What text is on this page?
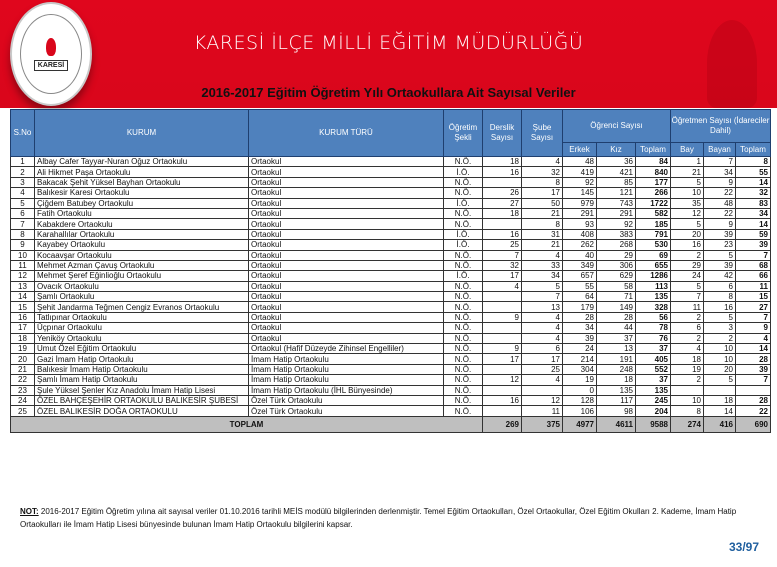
KARESİ
KARESİ İLÇE MİLLİ EĞİTİM MÜDÜRLÜĞÜ
2016-2017 Eğitim Öğretim Yılı Ortaokullara Ait Sayısal Veriler
S.No	KURUM	KURUM TÜRÜ	Öğretim Şekli	Derslik Sayısı	Şube Sayısı	Öğrenci Sayısı			Öğretmen Sayısı (İdareciler Dahil)		
						Erkek	Kız	Toplam	Bay	Bayan	Toplam
1	Albay Cafer Tayyar-Nuran Oğuz Ortaokulu	Ortaokul	N.Ö.	18	4	48	36	84	1	7	8
2	Ali Hikmet Paşa Ortaokulu	Ortaokul	İ.Ö.	16	32	419	421	840	21	34	55
3	Bakacak Şehit Yüksel Bayhan Ortaokulu	Ortaokul	N.Ö.		8	92	85	177	5	9	14
4	Balıkesir Karesi Ortaokulu	Ortaokul	N.Ö.	26	17	145	121	266	10	22	32
5	Çiğdem Batubey Ortaokulu	Ortaokul	İ.Ö.	27	50	979	743	1722	35	48	83
6	Fatih Ortaokulu	Ortaokul	N.Ö.	18	21	291	291	582	12	22	34
7	Kabakdere Ortaokulu	Ortaokul	N.Ö.		8	93	92	185	5	9	14
8	Karahallılar Ortaokulu	Ortaokul	İ.Ö.	16	31	408	383	791	20	39	59
9	Kayabey Ortaokulu	Ortaokul	İ.Ö.	25	21	262	268	530	16	23	39
10	Kocaavşar Ortaokulu	Ortaokul	N.Ö.	7	4	40	29	69	2	5	7
11	Mehmet Azman Çavuş Ortaokulu	Ortaokul	N.Ö.	32	33	349	306	655	29	39	68
12	Mehmet Şeref Eğinlioğlu Ortaokulu	Ortaokul	İ.Ö.	17	34	657	629	1286	24	42	66
13	Ovacık Ortaokulu	Ortaokul	N.Ö.	4	5	55	58	113	5	6	11
14	Şamlı Ortaokulu	Ortaokul	N.Ö.		7	64	71	135	7	8	15
15	Şehit Jandarma Teğmen Cengiz Evranos Ortaokulu	Ortaokul	N.Ö.		13	179	149	328	11	16	27
16	Tatlıpınar Ortaokulu	Ortaokul	N.Ö.	9	4	28	28	56	2	5	7
17	Üçpınar Ortaokulu	Ortaokul	N.Ö.		4	34	44	78	6	3	9
18	Yeniköy Ortaokulu	Ortaokul	N.Ö.		4	39	37	76	2	2	4
19	Umut Özel Eğitim Ortaokulu	Ortaokul (Hafif Düzeyde Zihinsel Engelliler)	N.Ö.	9	6	24	13	37	4	10	14
20	Gazi İmam Hatip Ortaokulu	İmam Hatip Ortaokulu	N.Ö.	17	17	214	191	405	18	10	28
21	Balıkesir İmam Hatip Ortaokulu	İmam Hatip Ortaokulu	N.Ö.		25	304	248	552	19	20	39
22	Şamlı İmam Hatip Ortaokulu	İmam Hatip Ortaokulu	N.Ö.	12	4	19	18	37	2	5	7
23	Şule Yüksel Şenler Kız Anadolu İmam Hatip Lisesi	İmam Hatip Ortaokulu (İHL Bünyesinde)	N.Ö.			0	135	135			
24	ÖZEL BAHÇEŞEHİR ORTAOKULU BALIKESİR ŞUBESİ	Özel Türk Ortaokulu	N.Ö.	16	12	128	117	245	10	18	28
25	ÖZEL BALIKESİR DOĞA ORTAOKULU	Özel Türk Ortaokulu	N.Ö.		11	106	98	204	8	14	22
TOPLAM				269	375	4977	4611	9588	274	416	690
NOT: 2016-2017 Eğitim Öğretim yılına ait sayısal veriler 01.10.2016 tarihli MEİS modülü bilgilerinden derlenmiştir. Temel Eğitim Ortaokulları, Özel Ortaokullar, Özel Eğitim Okulları 2. Kademe, İmam Hatip Ortaokulları ile İmam Hatip Lisesi bünyesinde bulunan İmam Hatip Ortaokulu bilgilerini kapsar.
33/97
